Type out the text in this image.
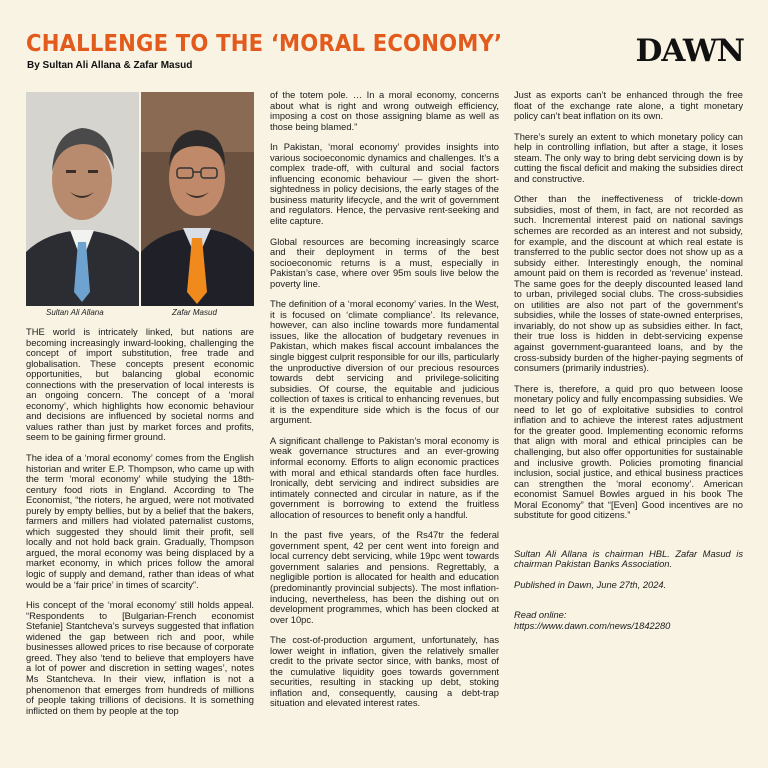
CHALLENGE TO THE ‘MORAL ECONOMY’
By Sultan Ali Allana & Zafar Masud	DAWN
Sultan Ali Allana	Zafar Masud

THE world is intricately linked, but nations are becoming increasingly inward-looking, challenging the concept of import substitution, free trade and globalisation. These concepts present economic opportunities, but balancing global economic connections with the preservation of local interests is an ongoing concern. The concept of a ‘moral economy’, which highlights how economic behaviour and decisions are influenced by societal norms and values rather than just by market forces and profits, seem to be gaining firmer ground.

The idea of a ‘moral economy’ comes from the English historian and writer E.P. Thompson, who came up with the term ‘moral economy’ while studying the 18th-century food riots in England. According to The Economist, “the rioters, he argued, were not motivated purely by empty bellies, but by a belief that the bakers, farmers and millers had violated paternalist customs, which suggested they should limit their profit, sell locally and not hold back grain. Gradually, Thompson argued, the moral economy was being displaced by a market economy, in which prices follow the amoral logic of supply and demand, rather than ideas of what would be a ‘fair price’ in times of scarcity”.

His concept of the ‘moral economy’ still holds appeal. “Respondents to [Bulgarian-French economist Stefanie] Stantcheva’s surveys suggested that inflation widened the gap between rich and poor, while businesses allowed prices to rise because of corporate greed. They also ‘tend to believe that employers have a lot of power and discretion in setting wages’, notes Ms Stantcheva. In their view, inflation is not a phenomenon that emerges from hundreds of millions of people taking trillions of decisions. It is something inflicted on them by people at the top

of the totem pole. … In a moral economy, concerns about what is right and wrong outweigh efficiency, imposing a cost on those assigning blame as well as those being blamed.”

In Pakistan, ‘moral economy’ provides insights into various socioeconomic dynamics and challenges. It’s a complex trade-off, with cultural and social factors influencing economic behaviour — given the short-sightedness in policy decisions, the early stages of the business maturity lifecycle, and the writ of government and regulators. Hence, the pervasive rent-seeking and elite capture.

Global resources are becoming increasingly scarce and their deployment in terms of the best socioeconomic returns is a must, especially in Pakistan’s case, where over 95m souls live below the poverty line.

The definition of a ‘moral economy’ varies. In the West, it is focused on ‘climate compliance’. Its relevance, however, can also incline towards more fundamental issues, like the allocation of budgetary revenues in Pakistan, which makes fiscal account imbalances the single biggest culprit responsible for our ills, particularly the unproductive diversion of our precious resources towards debt servicing and privilege-soliciting subsidies. Of course, the equitable and judicious collection of taxes is critical to enhancing revenues, but it is the expenditure side which is the focus of our argument.

A significant challenge to Pakistan’s moral economy is weak governance structures and an ever-growing informal economy. Efforts to align economic practices with moral and ethical standards often face hurdles. Ironically, debt servicing and indirect subsidies are intimately connected and circular in nature, as if the government is borrowing to extend the fruitless allocation of resources to benefit only a handful.

In the past five years, of the Rs47tr the federal government spent, 42 per cent went into foreign and local currency debt servicing, while 19pc went towards government salaries and pensions. Regrettably, a negligible portion is allocated for health and education (predominantly provincial subjects). The most inflation-inducing, nevertheless, has been the dishing out on development programmes, which has been clocked at over 10pc.

The cost-of-production argument, unfortunately, has lower weight in inflation, given the relatively smaller credit to the private sector since, with banks, most of the cumulative liquidity goes towards government securities, resulting in stacking up debt, stoking inflation and, consequently, causing a debt-trap situation and elevated interest rates.

Just as exports can’t be enhanced through the free float of the exchange rate alone, a tight monetary policy can’t beat inflation on its own.

There’s surely an extent to which monetary policy can help in controlling inflation, but after a stage, it loses steam. The only way to bring debt servicing down is by cutting the fiscal deficit and making the subsidies direct and constructive.

Other than the ineffectiveness of trickle-down subsidies, most of them, in fact, are not recorded as such. Incremental interest paid on national savings schemes are recorded as an interest and not subsidy, for example, and the discount at which real estate is transferred to the public sector does not show up as a subsidy either. Interestingly enough, the nominal amount paid on them is recorded as ‘revenue’ instead. The same goes for the deeply discounted leased land to urban, privileged social clubs. The cross-subsidies on utilities are also not part of the government’s subsidies, while the losses of state-owned enterprises, invariably, do not show up as subsidies either. In fact, their true loss is hidden in debt-servicing expense against government-guaranteed loans, and by the cross-subsidy burden of the higher-paying segments of consumers (primarily industries).

There is, therefore, a quid pro quo between loose monetary policy and fully encompassing subsidies. We need to let go of exploitative subsidies to control inflation and to achieve the interest rates adjustment for the greater good. Implementing economic reforms that align with moral and ethical principles can be challenging, but also offer opportunities for sustainable and inclusive growth. Policies promoting financial inclusion, social justice, and ethical business practices can strengthen the ‘moral economy’. American economist Samuel Bowles argued in his book The Moral Economy” that “[Even] Good incentives are no substitute for good citizens.”

Sultan Ali Allana is chairman HBL. Zafar Masud is chairman Pakistan Banks Association.

Published in Dawn, June 27th, 2024.

Read online:

https://www.dawn.com/news/1842280
